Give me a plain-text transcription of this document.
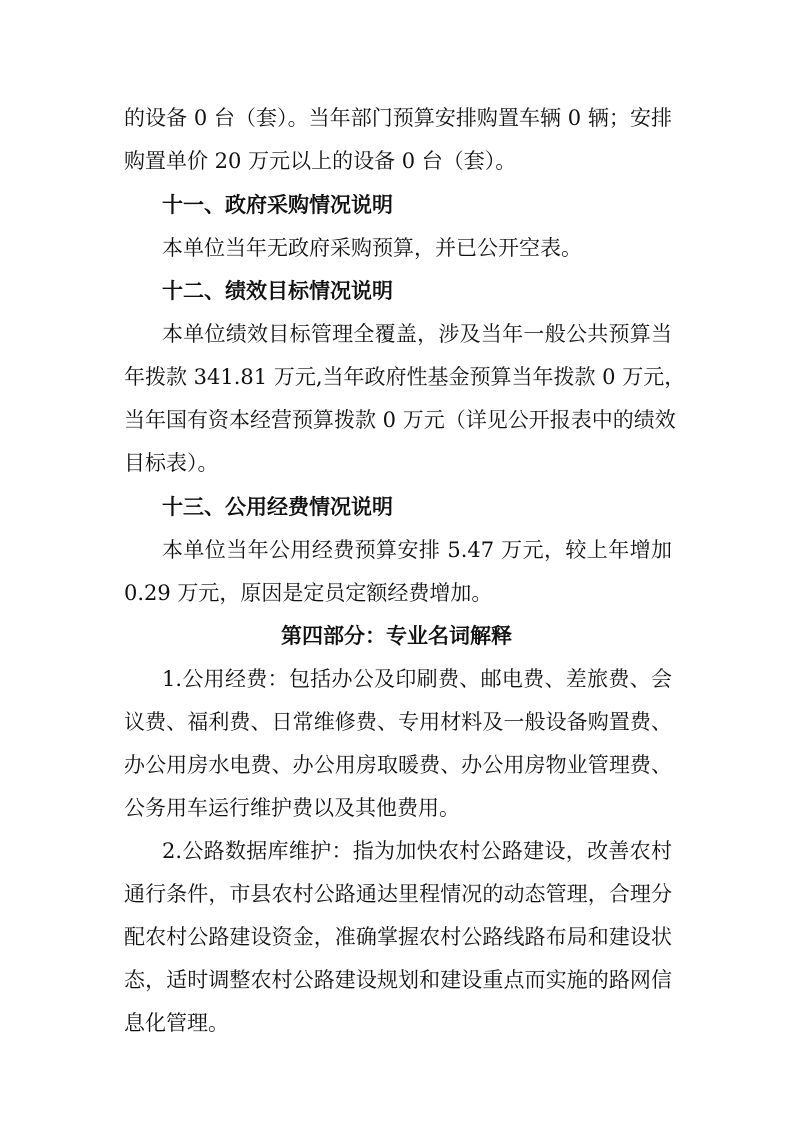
的设备 0 台（套）。当年部门预算安排购置车辆 0 辆；安排
购置单价 20 万元以上的设备 0 台（套）。
十一、政府采购情况说明
本单位当年无政府采购预算，并已公开空表。
十二、绩效目标情况说明
本单位绩效目标管理全覆盖，涉及当年一般公共预算当
年拨款 341.81 万元,当年政府性基金预算当年拨款 0 万元，
当年国有资本经营预算拨款 0 万元（详见公开报表中的绩效
目标表）。
十三、公用经费情况说明
本单位当年公用经费预算安排 5.47 万元，较上年增加
0.29 万元，原因是定员定额经费增加。
第四部分：专业名词解释
1.公用经费：包括办公及印刷费、邮电费、差旅费、会
议费、福利费、日常维修费、专用材料及一般设备购置费、
办公用房水电费、办公用房取暖费、办公用房物业管理费、
公务用车运行维护费以及其他费用。
2.公路数据库维护：指为加快农村公路建设，改善农村
通行条件，市县农村公路通达里程情况的动态管理，合理分
配农村公路建设资金，准确掌握农村公路线路布局和建设状
态，适时调整农村公路建设规划和建设重点而实施的路网信
息化管理。
